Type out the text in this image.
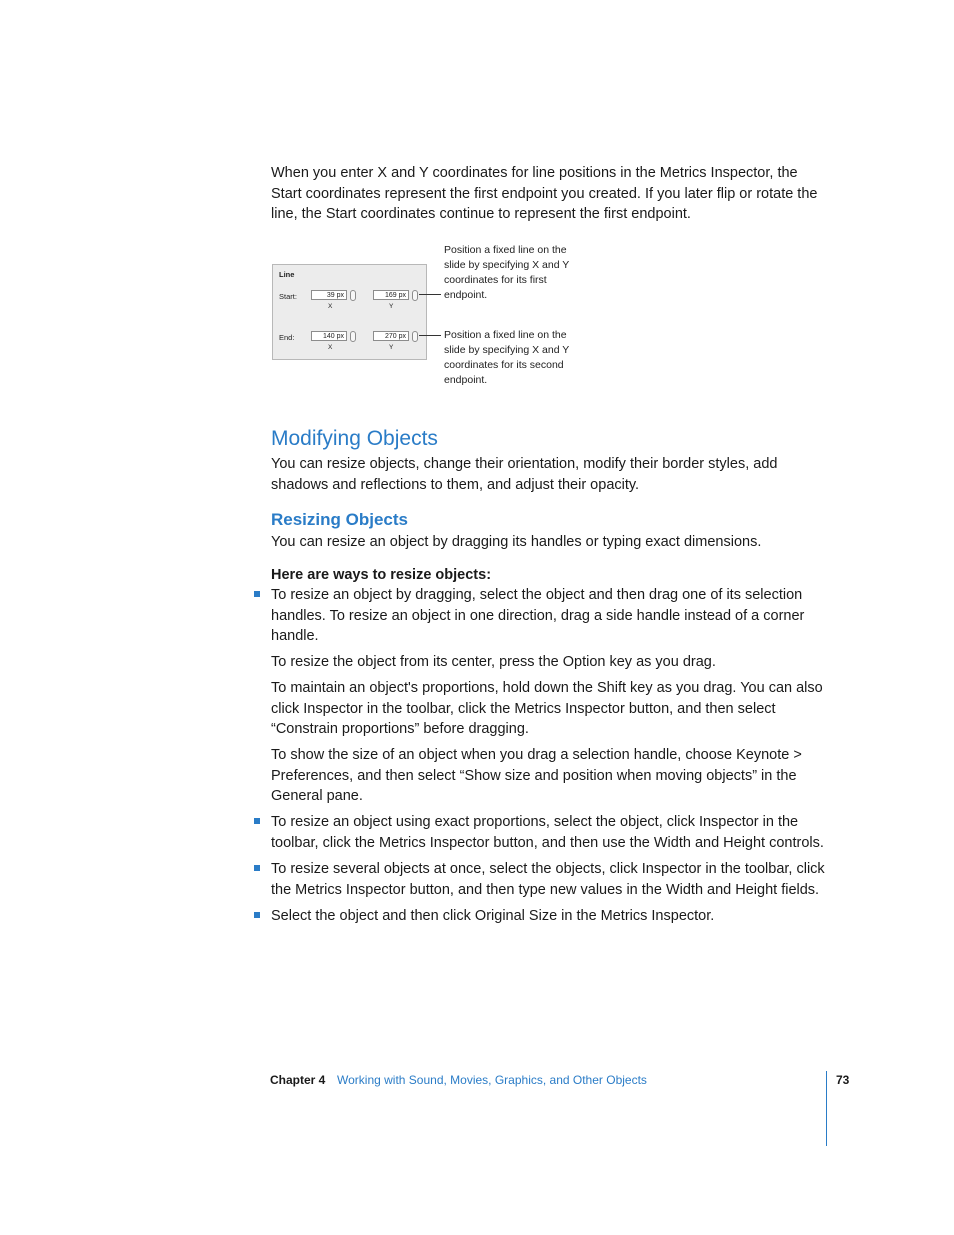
When you enter X and Y coordinates for line positions in the Metrics Inspector, the Start coordinates represent the first endpoint you created. If you later flip or rotate the line, the Start coordinates continue to represent the first endpoint.
Line
Start:	39 px	169 px
X	Y
End:	140 px	270 px
X	Y
Position a fixed line on the slide by specifying X and Y coordinates for its first endpoint.
Position a fixed line on the slide by specifying X and Y coordinates for its second endpoint.
Modifying Objects
You can resize objects, change their orientation, modify their border styles, add shadows and reflections to them, and adjust their opacity.
Resizing Objects
You can resize an object by dragging its handles or typing exact dimensions.
Here are ways to resize objects:
To resize an object by dragging, select the object and then drag one of its selection handles. To resize an object in one direction, drag a side handle instead of a corner handle.
To resize the object from its center, press the Option key as you drag.
To maintain an object's proportions, hold down the Shift key as you drag. You can also click Inspector in the toolbar, click the Metrics Inspector button, and then select “Constrain proportions” before dragging.
To show the size of an object when you drag a selection handle, choose Keynote > Preferences, and then select “Show size and position when moving objects” in the General pane.
To resize an object using exact proportions, select the object, click Inspector in the toolbar, click the Metrics Inspector button, and then use the Width and Height controls.
To resize several objects at once, select the objects, click Inspector in the toolbar, click the Metrics Inspector button, and then type new values in the Width and Height fields.
Select the object and then click Original Size in the Metrics Inspector.
Chapter 4 Working with Sound, Movies, Graphics, and Other Objects	73
